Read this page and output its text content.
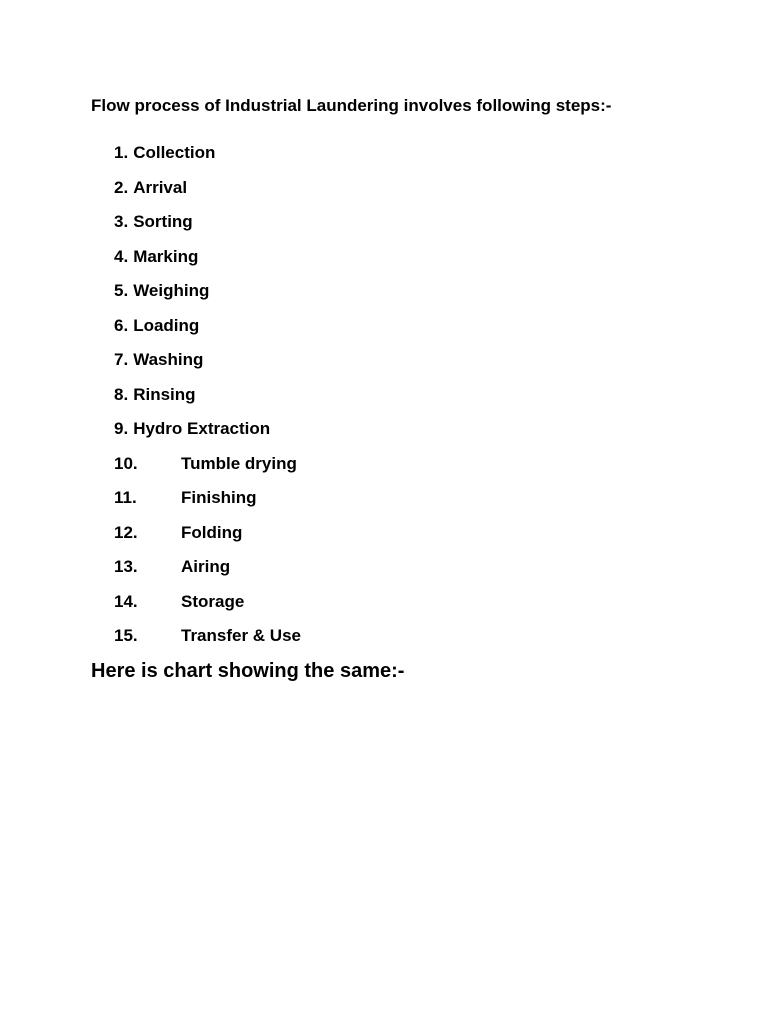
Flow process of Industrial Laundering involves following steps:-
1. Collection
2. Arrival
3. Sorting
4. Marking
5. Weighing
6. Loading
7. Washing
8. Rinsing
9. Hydro Extraction
10.	Tumble drying
11.	Finishing
12.	Folding
13.	Airing
14.	Storage
15.	Transfer & Use
Here is chart showing the same:-
